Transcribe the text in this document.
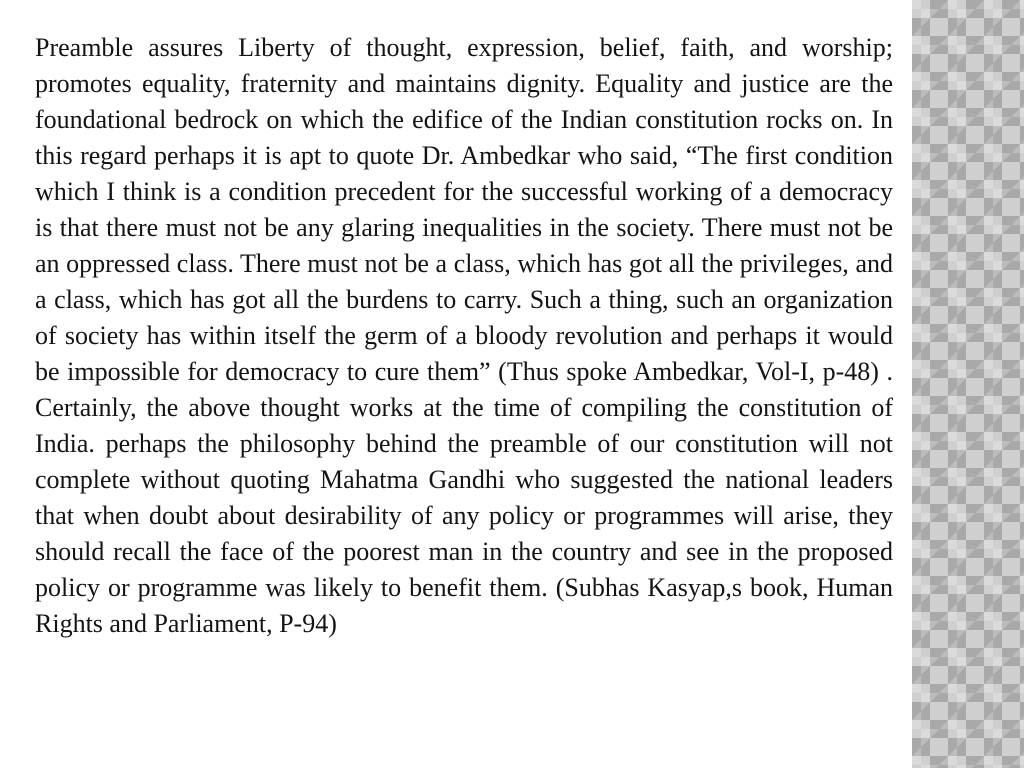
Preamble assures Liberty of thought, expression, belief, faith, and worship; promotes equality, fraternity and maintains dignity. Equality and justice are the foundational bedrock on which the edifice of the Indian constitution rocks on. In this regard perhaps it is apt to quote Dr. Ambedkar who said, “The first condition which I think is a condition precedent for the successful working of a democracy is that there must not be any glaring inequalities in the society. There must not be an oppressed class. There must not be a class, which has got all the privileges, and a class, which has got all the burdens to carry. Such a thing, such an organization of society has within itself the germ of a bloody revolution and perhaps it would be impossible for democracy to cure them” (Thus spoke Ambedkar, Vol-I, p-48) . Certainly, the above thought works at the time of compiling the constitution of India. perhaps the philosophy behind the preamble of our constitution will not complete without quoting Mahatma Gandhi who suggested the national leaders that when doubt about desirability of any policy or programmes will arise, they should recall the face of the poorest man in the country and see in the proposed policy or programme was likely to benefit them. (Subhas Kasyap,s book, Human Rights and Parliament, P-94)
